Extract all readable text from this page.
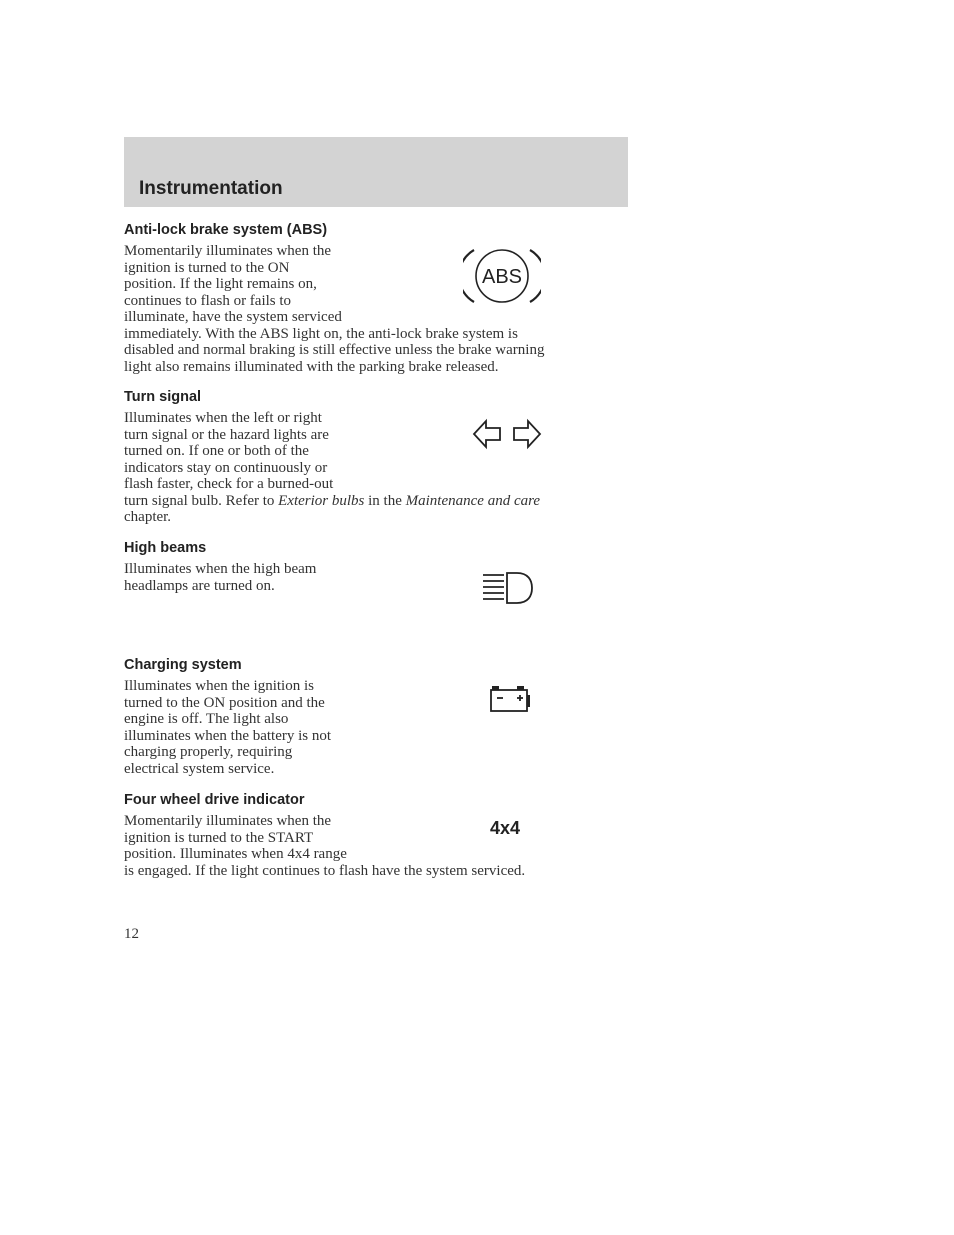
Instrumentation
Anti-lock brake system (ABS)
Momentarily illuminates when the
ignition is turned to the ON
position. If the light remains on,
continues to flash or fails to
illuminate, have the system serviced
immediately. With the ABS light on, the anti-lock brake system is
disabled and normal braking is still effective unless the brake warning
light also remains illuminated with the parking brake released.
ABS
Turn signal
Illuminates when the left or right
turn signal or the hazard lights are
turned on. If one or both of the
indicators stay on continuously or
flash faster, check for a burned-out
turn signal bulb. Refer to Exterior bulbs in the Maintenance and care
chapter.
High beams
Illuminates when the high beam
headlamps are turned on.
Charging system
Illuminates when the ignition is
turned to the ON position and the
engine is off. The light also
illuminates when the battery is not
charging properly, requiring
electrical system service.
Four wheel drive indicator
Momentarily illuminates when the
ignition is turned to the START
position. Illuminates when 4x4 range
is engaged. If the light continues to flash have the system serviced.
4x4

12
